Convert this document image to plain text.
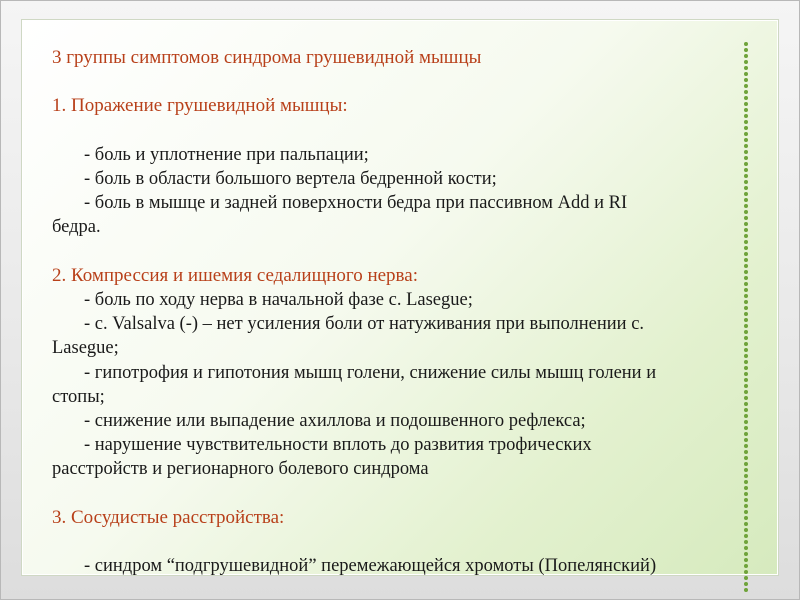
3 группы симптомов синдрома грушевидной мышцы
1. Поражение грушевидной мышцы:
- боль и уплотнение при пальпации;
- боль в области большого вертела бедренной кости;
- боль в мышце и задней поверхности бедра при пассивном Add и RI
бедра.
2. Компрессия и ишемия седалищного нерва:
- боль по ходу нерва в начальной фазе с. Lasegue;
- с. Valsalva (-) – нет усиления боли от натуживания при выполнении с.
Lasegue;
- гипотрофия и гипотония мышц голени, снижение силы мышц голени и
стопы;
- снижение или выпадение ахиллова и подошвенного рефлекса;
- нарушение чувствительности вплоть до развития трофических
расстройств и регионарного болевого синдрома
3. Сосудистые расстройства:
- синдром “подгрушевидной” перемежающейся хромоты (Попелянский)
